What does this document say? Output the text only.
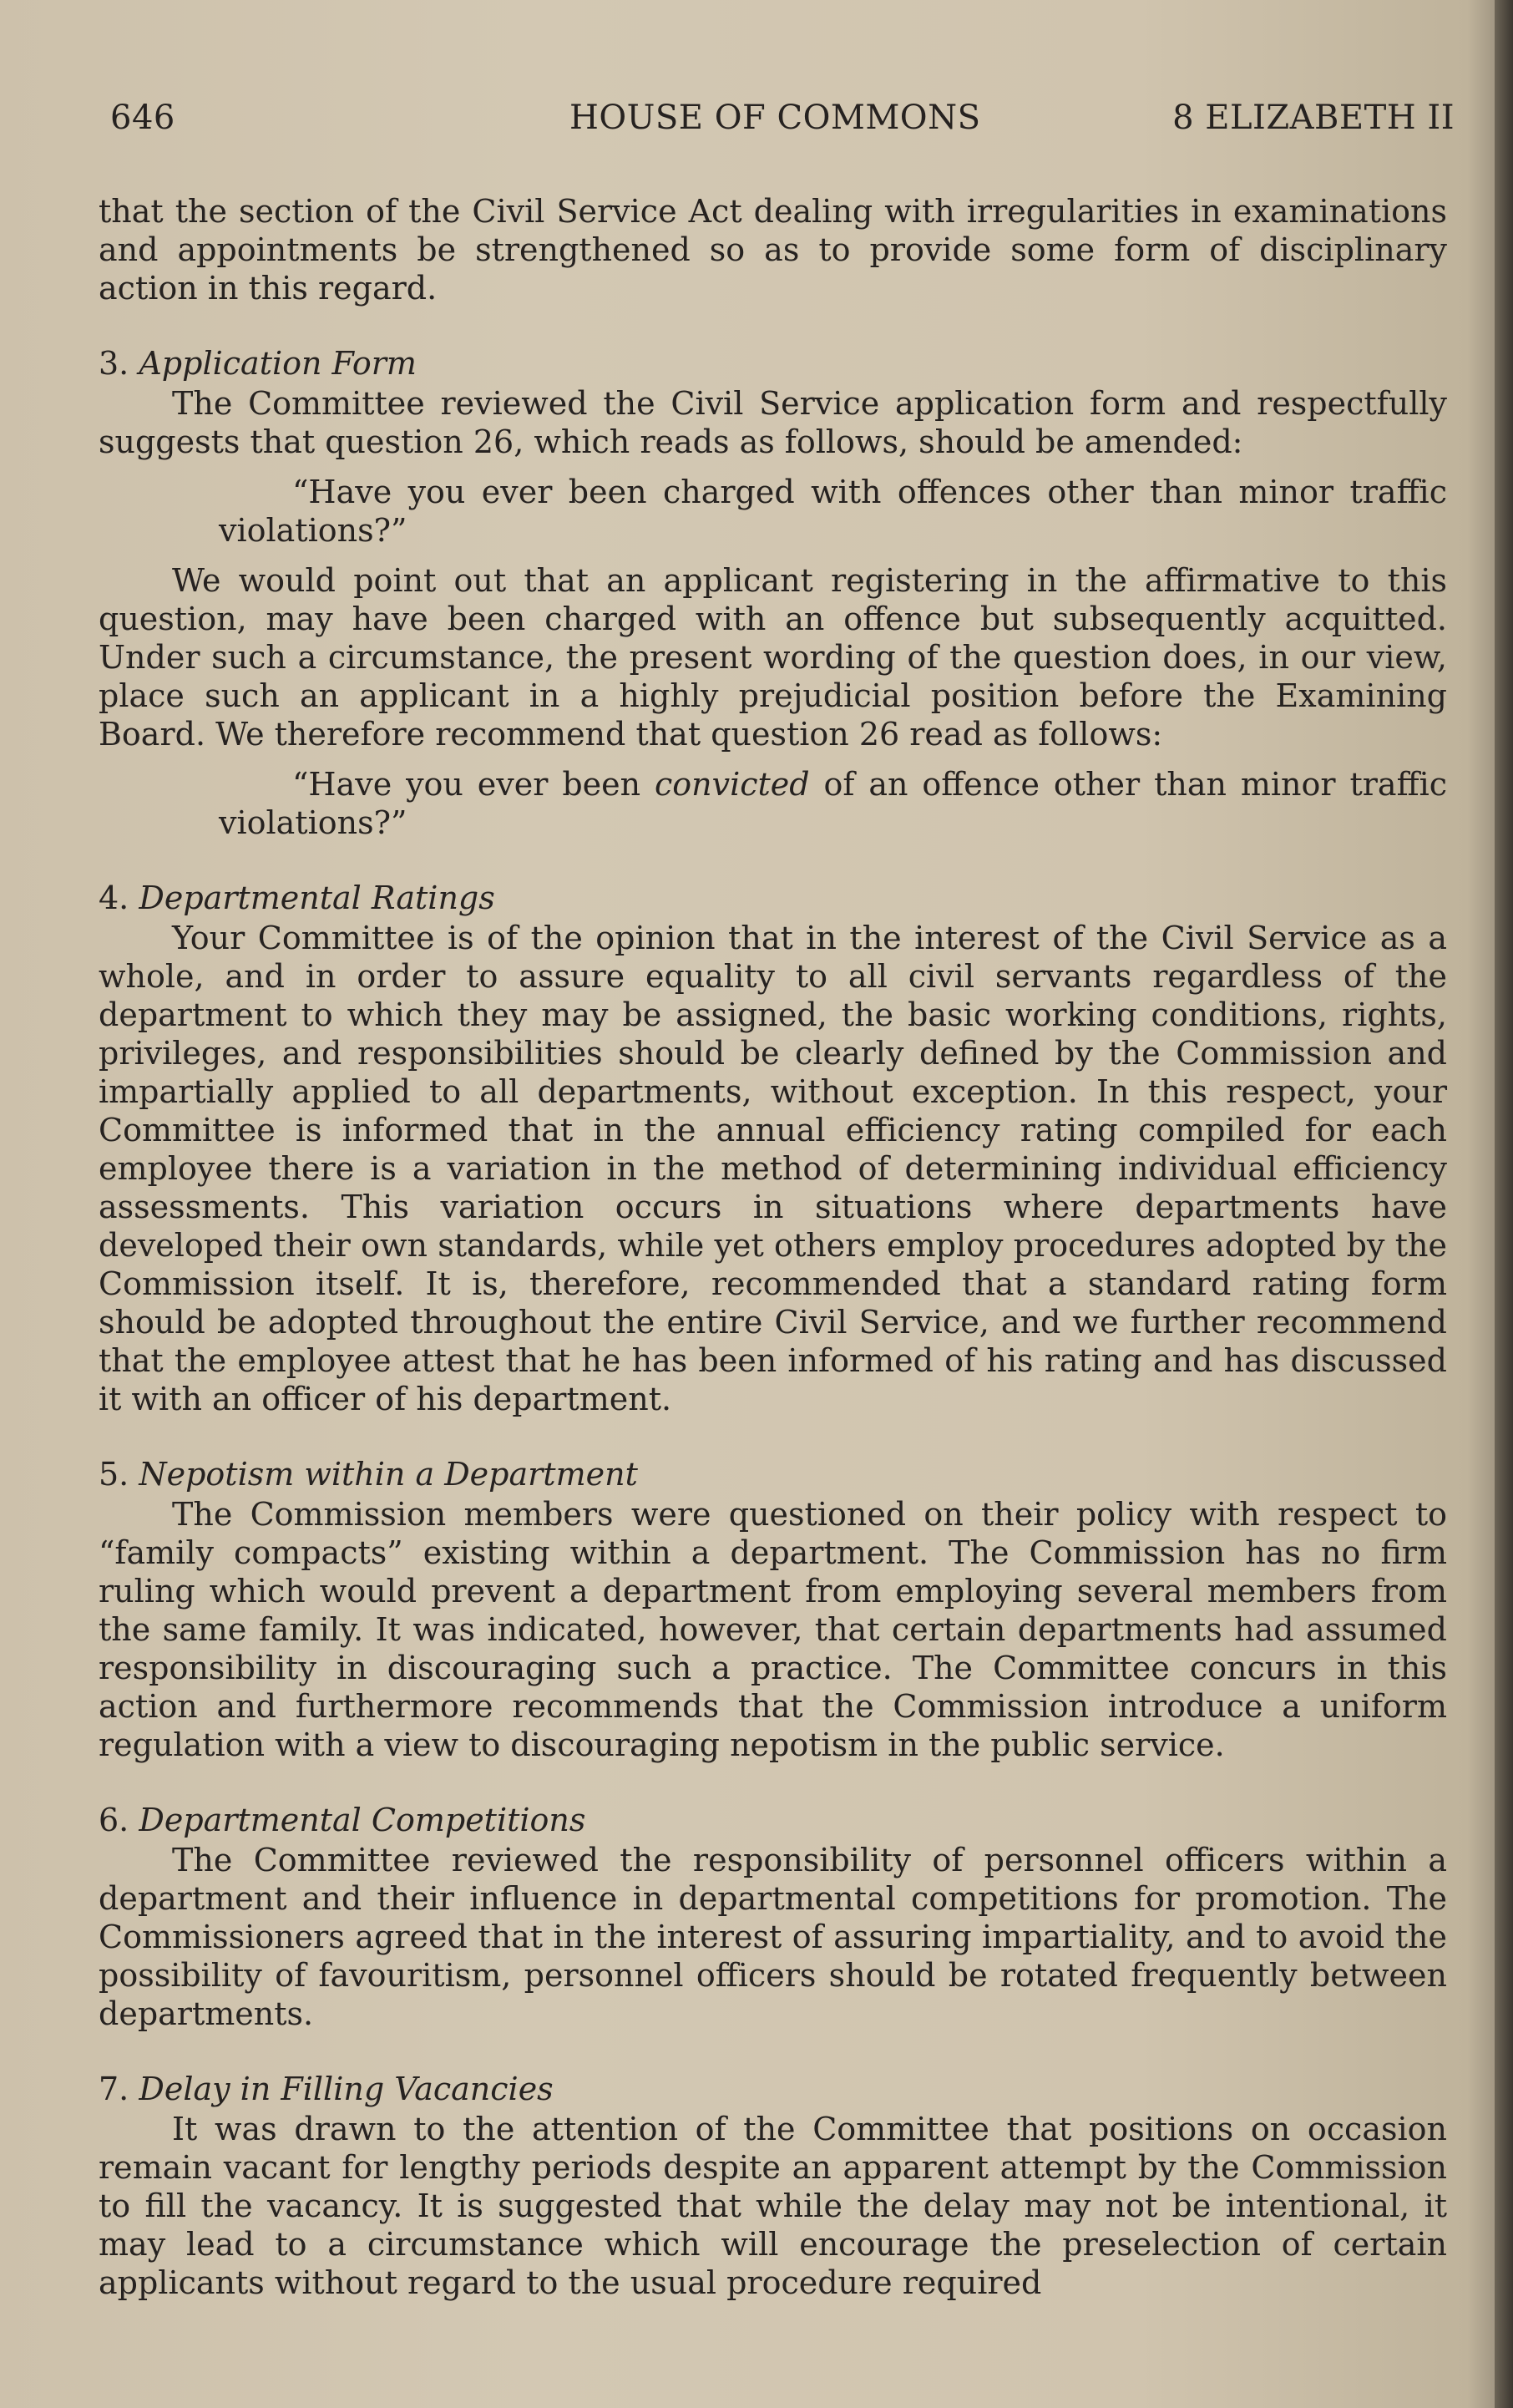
646	HOUSE OF COMMONS	8 ELIZABETH II

that the section of the Civil Service Act dealing with irregularities in examinations and appointments be strengthened so as to provide some form of disciplinary action in this regard.

3. Application Form

The Committee reviewed the Civil Service application form and respectfully suggests that question 26, which reads as follows, should be amended:

“Have you ever been charged with offences other than minor traffic violations?”

We would point out that an applicant registering in the affirmative to this question, may have been charged with an offence but subsequently acquitted. Under such a circumstance, the present wording of the question does, in our view, place such an applicant in a highly prejudicial position before the Examining Board. We therefore recommend that question 26 read as follows:

“Have you ever been convicted of an offence other than minor traffic violations?”

4. Departmental Ratings

Your Committee is of the opinion that in the interest of the Civil Service as a whole, and in order to assure equality to all civil servants regardless of the department to which they may be assigned, the basic working conditions, rights, privileges, and responsibilities should be clearly defined by the Commission and impartially applied to all departments, without exception. In this respect, your Committee is informed that in the annual efficiency rating compiled for each employee there is a variation in the method of determining individual efficiency assessments. This variation occurs in situations where departments have developed their own standards, while yet others employ procedures adopted by the Commission itself. It is, therefore, recommended that a standard rating form should be adopted throughout the entire Civil Service, and we further recommend that the employee attest that he has been informed of his rating and has discussed it with an officer of his department.

5. Nepotism within a Department

The Commission members were questioned on their policy with respect to “family compacts” existing within a department. The Commission has no firm ruling which would prevent a department from employing several members from the same family. It was indicated, however, that certain departments had assumed responsibility in discouraging such a practice. The Committee concurs in this action and furthermore recommends that the Commission introduce a uniform regulation with a view to discouraging nepotism in the public service.

6. Departmental Competitions

The Committee reviewed the responsibility of personnel officers within a department and their influence in departmental competitions for promotion. The Commissioners agreed that in the interest of assuring impartiality, and to avoid the possibility of favouritism, personnel officers should be rotated frequently between departments.

7. Delay in Filling Vacancies

It was drawn to the attention of the Committee that positions on occasion remain vacant for lengthy periods despite an apparent attempt by the Commission to fill the vacancy. It is suggested that while the delay may not be intentional, it may lead to a circumstance which will encourage the preselection of certain applicants without regard to the usual procedure required
